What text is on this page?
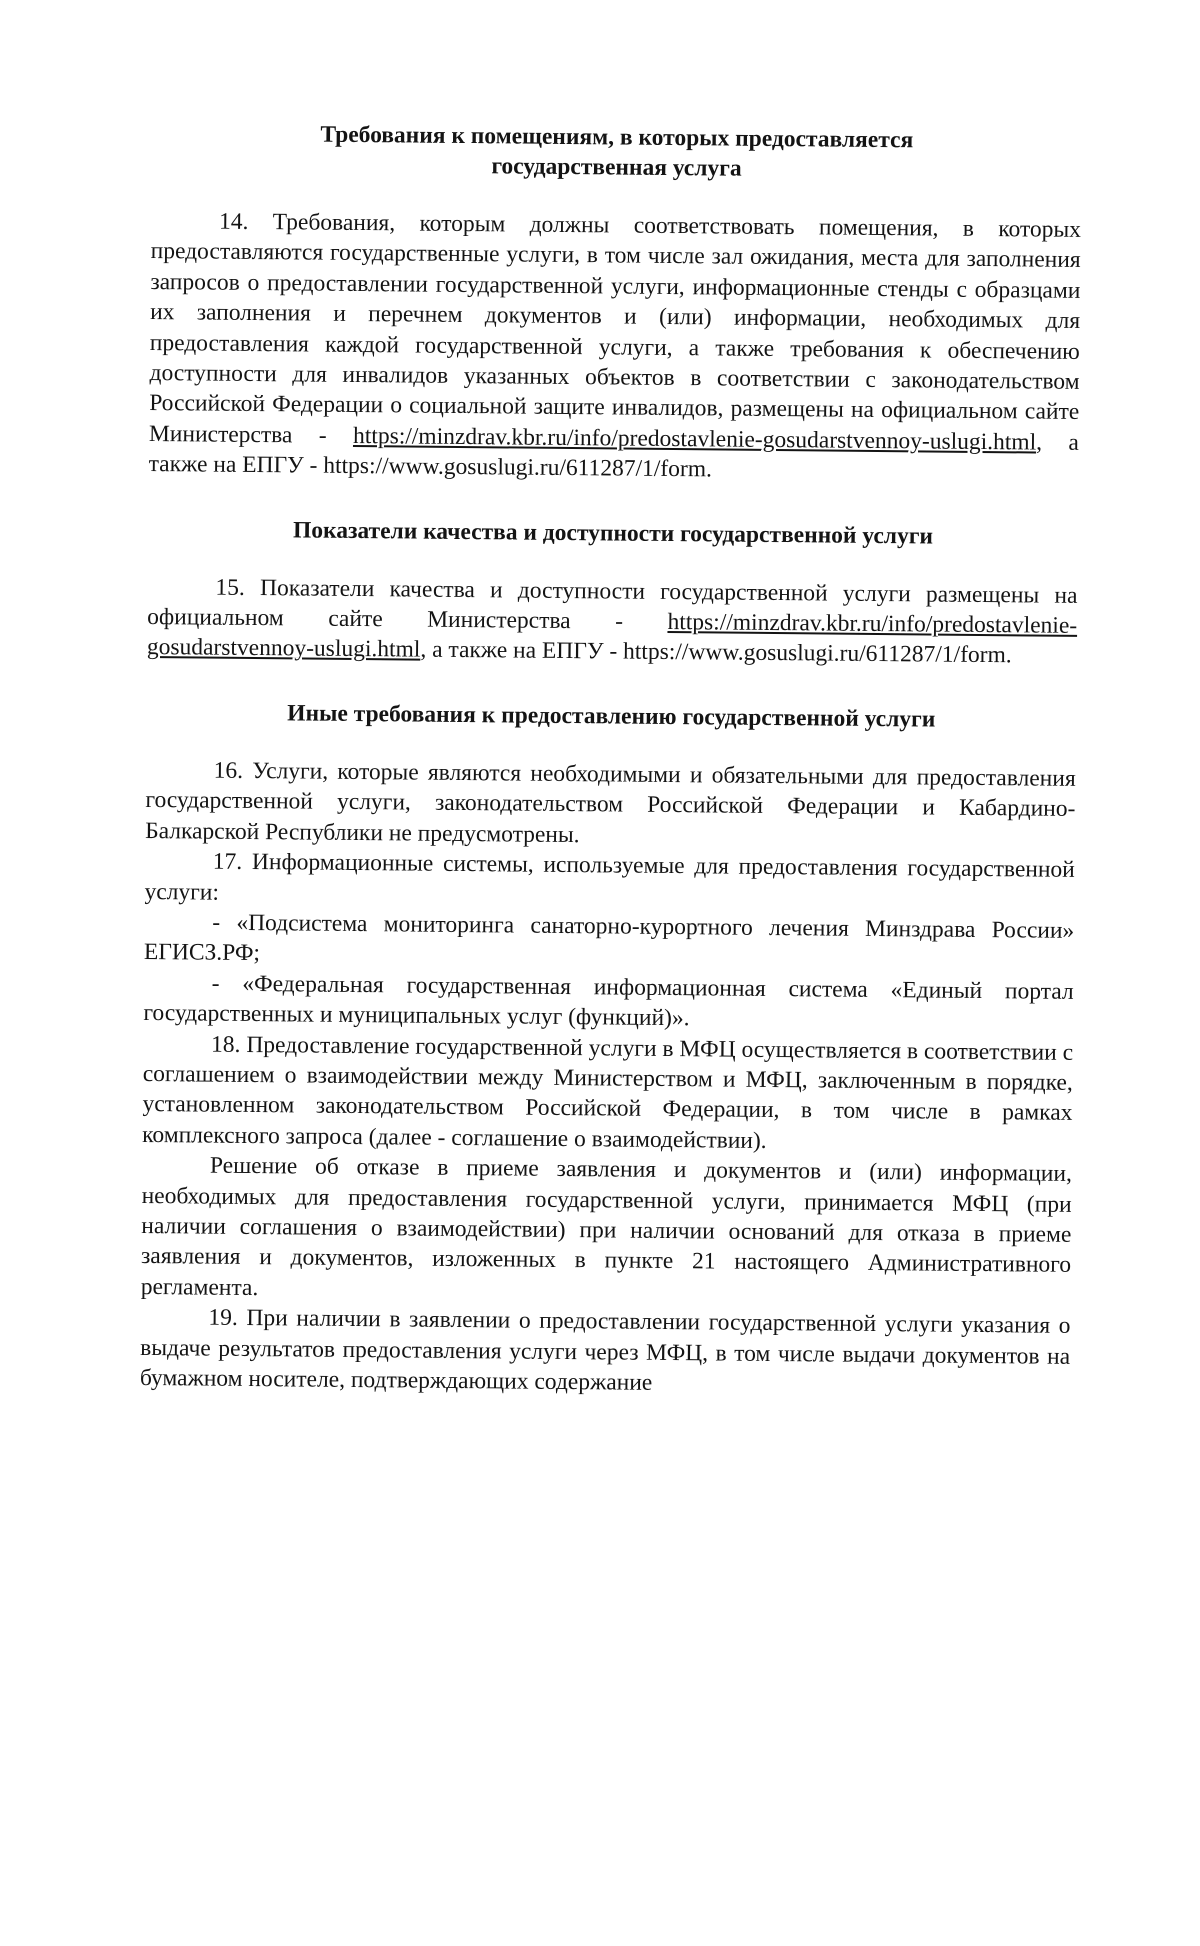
Требования к помещениям, в которых предоставляется
государственная услуга

14. Требования, которым должны соответствовать помещения, в которых предоставляются государственные услуги, в том числе зал ожидания, места для заполнения запросов о предоставлении государственной услуги, информационные стенды с образцами их заполнения и перечнем документов и (или) информации, необходимых для предоставления каждой государственной услуги, а также требования к обеспечению доступности для инвалидов указанных объектов в соответствии с законодательством Российской Федерации о социальной защите инвалидов, размещены на официальном сайте Министерства - https://minzdrav.kbr.ru/info/predostavlenie-gosudarstvennoy-uslugi.html, а также на ЕПГУ - https://www.gosuslugi.ru/611287/1/form.

Показатели качества и доступности государственной услуги

15. Показатели качества и доступности государственной услуги размещены на официальном сайте Министерства - https://minzdrav.kbr.ru/info/predostavlenie-gosudarstvennoy-uslugi.html, а также на ЕПГУ - https://www.gosuslugi.ru/611287/1/form.

Иные требования к предоставлению государственной услуги

16. Услуги, которые являются необходимыми и обязательными для предоставления государственной услуги, законодательством Российской Федерации и Кабардино-Балкарской Республики не предусмотрены.

17. Информационные системы, используемые для предоставления государственной услуги:

- «Подсистема мониторинга санаторно-курортного лечения Минздрава России» ЕГИСЗ.РФ;

- «Федеральная государственная информационная система «Единый портал государственных и муниципальных услуг (функций)».

18. Предоставление государственной услуги в МФЦ осуществляется в соответствии с соглашением о взаимодействии между Министерством и МФЦ, заключенным в порядке, установленном законодательством Российской Федерации, в том числе в рамках комплексного запроса (далее - соглашение о взаимодействии).

Решение об отказе в приеме заявления и документов и (или) информации, необходимых для предоставления государственной услуги, принимается МФЦ (при наличии соглашения о взаимодействии) при наличии оснований для отказа в приеме заявления и документов, изложенных в пункте 21 настоящего Административного регламента.

19. При наличии в заявлении о предоставлении государственной услуги указания о выдаче результатов предоставления услуги через МФЦ, в том числе выдачи документов на бумажном носителе, подтверждающих содержание
